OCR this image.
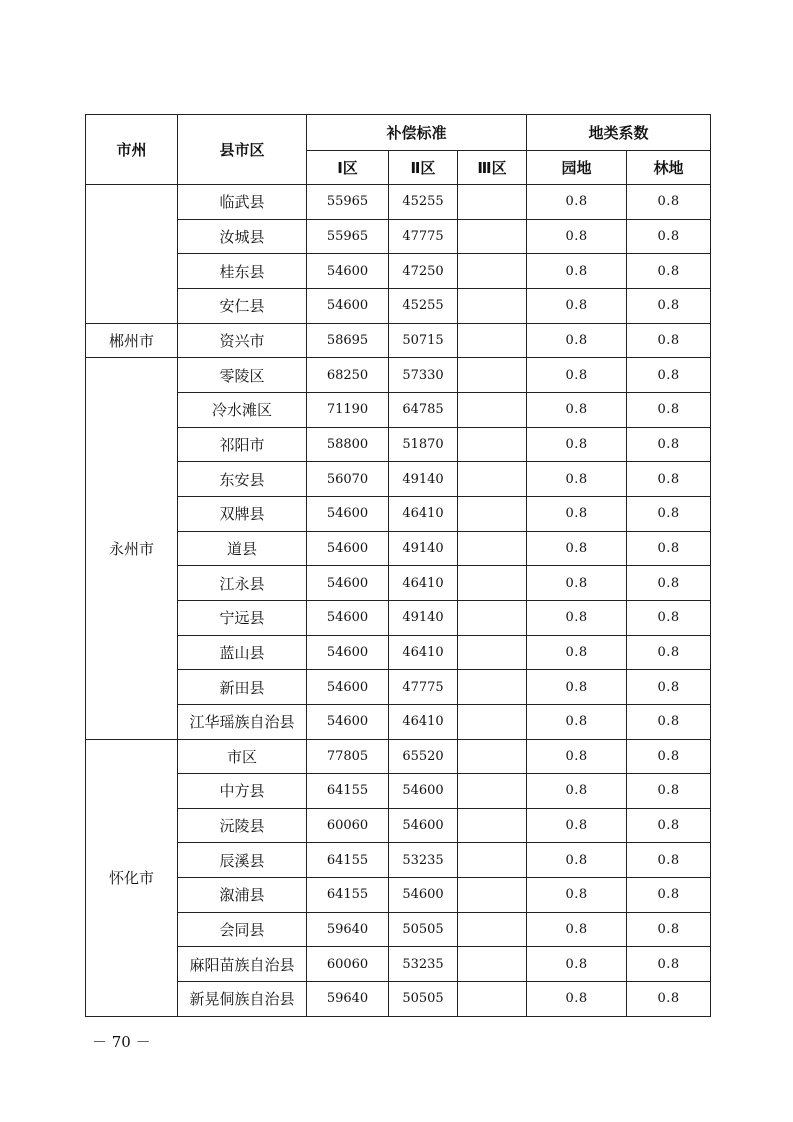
市州	县市区	补偿标准			地类系数	
		Ⅰ区	Ⅱ区	Ⅲ区	园地	林地
	临武县	55965	45255		0.8	0.8
	汝城县	55965	47775		0.8	0.8
	桂东县	54600	47250		0.8	0.8
	安仁县	54600	45255		0.8	0.8
郴州市	资兴市	58695	50715		0.8	0.8
永州市	零陵区	68250	57330		0.8	0.8
	冷水滩区	71190	64785		0.8	0.8
	祁阳市	58800	51870		0.8	0.8
	东安县	56070	49140		0.8	0.8
	双牌县	54600	46410		0.8	0.8
	道县	54600	49140		0.8	0.8
	江永县	54600	46410		0.8	0.8
	宁远县	54600	49140		0.8	0.8
	蓝山县	54600	46410		0.8	0.8
	新田县	54600	47775		0.8	0.8
	江华瑶族自治县	54600	46410		0.8	0.8
怀化市	市区	77805	65520		0.8	0.8
	中方县	64155	54600		0.8	0.8
	沅陵县	60060	54600		0.8	0.8
	辰溪县	64155	53235		0.8	0.8
	溆浦县	64155	54600		0.8	0.8
	会同县	59640	50505		0.8	0.8
	麻阳苗族自治县	60060	53235		0.8	0.8
	新晃侗族自治县	59640	50505		0.8	0.8
－ 70 －
